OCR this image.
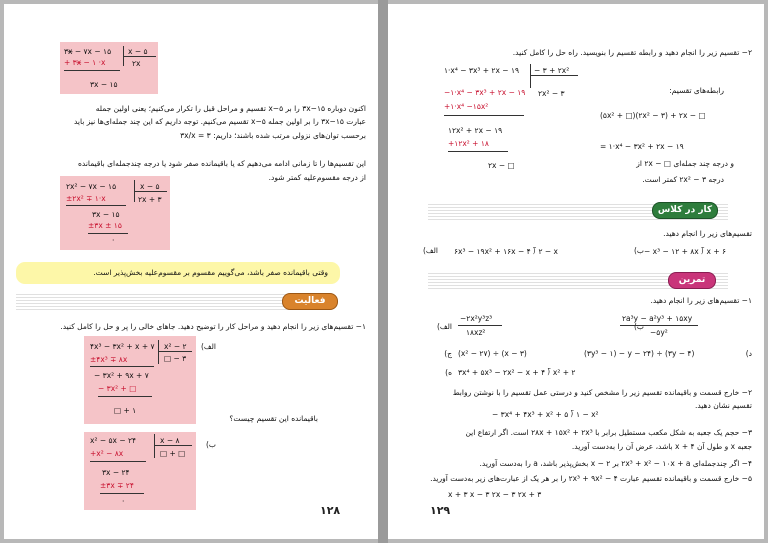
۳x̶ − ۷x − ۱۵ x − ۵
+ ۳x̶ − ۱ ·x	۲x
۳x − ۱۵
اکنون دوباره ۱۵−۳x را بر ۵−x تقسیم و مراحل قبل را تکرار می‌کنیم؛ یعنی اولین جمله
عبارت ۱۵−۳x را بر اولین جمله ۵−x تقسیم می‌کنیم. توجه داریم که این چند جمله‌ای‌ها نیز باید
برحسب توان‌های نزولی مرتب شده باشند؛ داریم: ۳ = ۳x/x
این تقسیم‌ها را تا زمانی ادامه می‌دهیم که یا باقیمانده صفر شود یا درجه چندجمله‌ای باقیمانده
از درجه مقسوم‌علیه کمتر شود.
۲x² − ۷x − ۱۵	x − ۵
±۲x² ∓ ۱·x	۲x + ۳
۳x − ۱۵
±۳x ± ۱۵
·
وقتی باقیمانده صفر باشد، می‌گوییم مقسوم بر مقسوم‌علیه بخش‌پذیر است.
فعالیت
۱− تقسیم‌های زیر را انجام دهید و مراحل کار را توضیح دهید. جاهای خالی را پر و حل را کامل کنید.
الف)
۴x³ − ۳x² + x + ۷ x² − ۲
±۴x³ ∓ ۸x	□ − ۳
− ۳x² + ۹x + ۷
− ۳x² + □
□ + ۱
باقیمانده این تقسیم چیست؟
ب)
x² − ۵x − ۲۴	x − ۸
+x² − ۸x	□ + □
۳x − ۲۴
±۳x ∓ ۲۴
·
۱۲۸
۲− تقسیم زیر را انجام دهید و رابطه تقسیم را بنویسید. راه حل را کامل کنید.
۱·x⁴ − ۳x³ + ۲x − ۱۹ − ۳ + ۲x²
−۱·x⁴ − ۳x³ + ۲x − ۱۹ ۲x² − ۳
+۱·x⁴ −۱۵x²
۱۲x² + ۲x − ۱۹
+۱۲x² + ۱۸
۲x − □
رابطه‌های تقسیم:
(۵x² + □)(۲x² − ۳) + ۲x − □
= ۱·x⁴ − ۳x² + ۲x − ۱۹
و درجه چند جمله‌ای □ − ۲x از
درجه ۳ − ۲x² کمتر است.
کار در کلاس
تقسیم‌های زیر را انجام دهید.
الف) ۶x³ − ۱۹x² + ۱۶x − ۴ ⟌ ۲ − x	ب) − x³ − ۱۲ + ۸x ⟌ x + ۶
تمرین
۱− تقسیم‌های زیر را انجام دهید.
الف)
−۲x²y³z³
۱۸xz²
ب)
۲a³y − a²y³ + ۱۵xy
−۵y²
ج) (x² − ۲۷) ÷ (x − ۳)	د)
(۳y³ − ۱) − y − ۲۴) ÷ (۳y − ۴)
ه) ۳x⁴ + ۵x³ − ۲x² − x + ۴ ⟌ x² + ۲
۲− خارج قسمت و باقیمانده تقسیم زیر را مشخص کنید و درستی عمل تقسیم را با نوشتن روابط
تقسیم نشان دهید.
− ۳x⁴ + ۴x³ + x² + ۵ ⟌ ۱ − x²
۳− حجم یک جعبه به شکل مکعب مستطیل برابر با ۲۸x + ۱۵x² + ۲x³ است. اگر ارتفاع این
جعبه x و طول آن ۴ + x باشد، عرض آن را به‌دست آورید.
۴− اگر چندجمله‌ای ۲x³ + x² − ۱۰x + a بر ۲ − x بخش‌پذیر باشد، a را به‌دست آورید.
۵− خارج قسمت و باقیمانده تقسیم عبارت ۲x³ + ۹x² − ۴ را بر هر یک از عبارت‌های زیر به‌دست آورید.
x + ۳ x − ۳ ۲x − ۳ ۲x + ۳
۱۲۹
